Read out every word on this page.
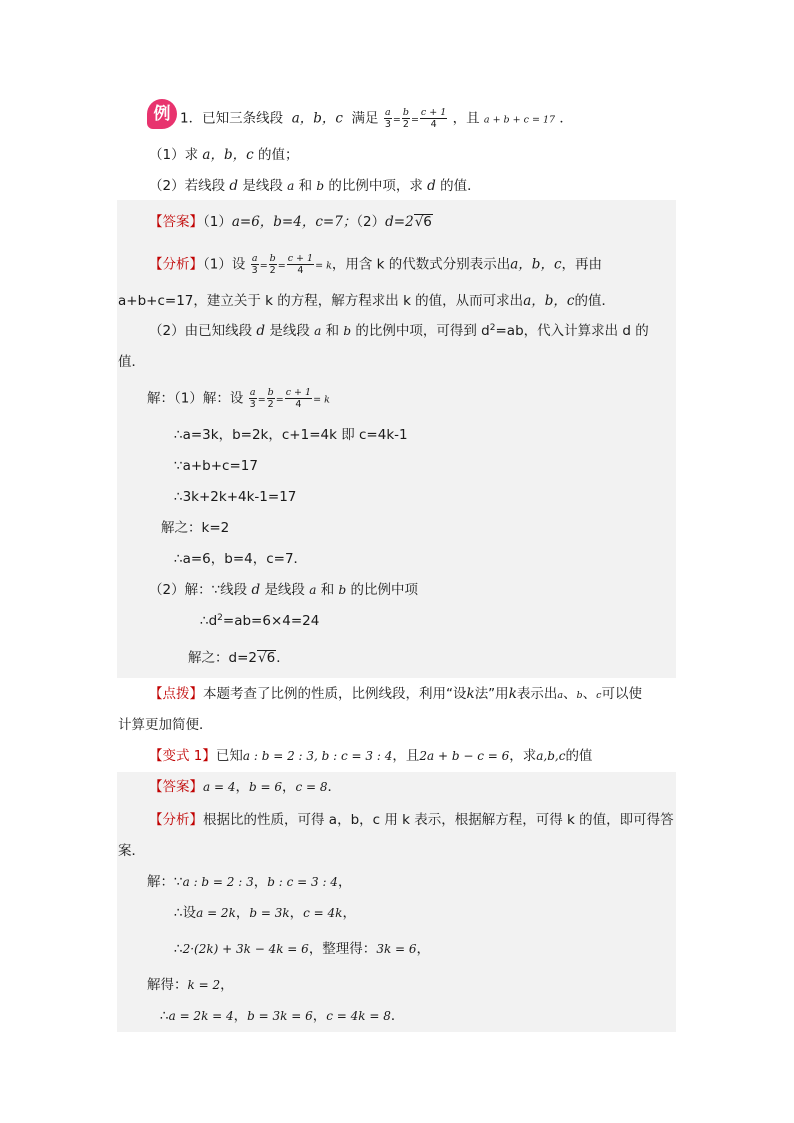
例 1．已知三条线段 a，b，c 满足 $\frac{a}{3} = \frac{b}{2} = \frac{c + 1}{4}$ ，且 a + b + c = 17 ．
（1）求 a，b，c 的值；
（2）若线段 d 是线段 a 和 b 的比例中项，求 d 的值．
【答案】（1）a=6，b=4，c=7；（2）d=2√6
【分析】（1）设 $\frac{a}{3} = \frac{b}{2} = \frac{c + 1}{4} = k$，用含 k 的代数式分别表示出a，b，c，再由
a+b+c=17，建立关于 k 的方程，解方程求出 k 的值，从而可求出a，b，c的值．
（2）由已知线段 d 是线段 a 和 b 的比例中项，可得到 $d^2=ab$，代入计算求出 d 的
值．
解：（1）解：设 $\frac{a}{3} = \frac{b}{2} = \frac{c + 1}{4} = k$
∴a=3k，b=2k，c+1=4k 即 c=4k-1
∵a+b+c=17
∴3k+2k+4k-1=17
解之：k=2
∴a=6，b=4，c=7．
（2）解：∵线段 d 是线段 a 和 b 的比例中项
$\therefore d^2=ab=6\times 4=24$
解之：d=2√6．
【点拨】本题考查了比例的性质，比例线段，利用“设k法”用k表示出a、b、c可以使
计算更加简便．
【变式 1】已知a : b = 2 : 3, b : c = 3 : 4，且2a + b − c = 6，求a,b,c的值
【答案】a = 4，b = 6，c = 8．
【分析】根据比的性质，可得 a，b，c 用 k 表示，根据解方程，可得 k 的值，即可得答
案．
解：∵a : b = 2 : 3，b : c = 3 : 4，
∴设a = 2k，b = 3k，c = 4k，
∴2·(2k) + 3k − 4k = 6，整理得：3k = 6，
解得：k = 2，
∴a = 2k = 4，b = 3k = 6，c = 4k = 8．
